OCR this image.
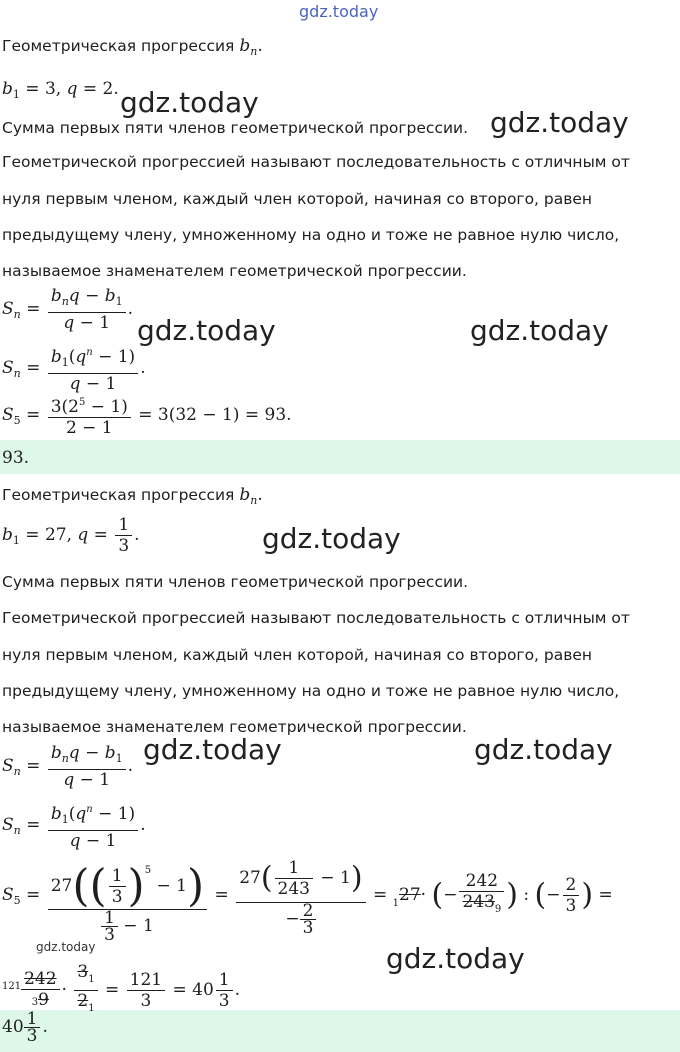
gdz.today
Геометрическая прогрессия $b_n$.
$b_1 = 3$, q = 2. gdz.today
Сумма первых пяти членов геометрической прогрессии. gdz.today
Геометрической прогрессией называют последовательность с отличным от
нуля первым членом, каждый член которой, начиная со второго, равен
предыдущему члену, умноженному на одно и тоже не равное нулю число,
называемое знаменателем геометрической прогрессии.
$S_n = \frac{b_nq - b_1}{q - 1}$ .
gdz.today	gdz.today
$S_n = \frac{b_1(q^n - 1)}{q - 1}$ .
$S_5 = \frac{3(2^5 - 1)}{2 - 1} = 3(32 - 1) = 93$.
93.
Геометрическая прогрессия $b_n$.
$b_1 = 27$, $q = \frac{1}{3}$ .	gdz.today
Сумма первых пяти членов геометрической прогрессии.
Геометрической прогрессией называют последовательность с отличным от
нуля первым членом, каждый член которой, начиная со второго, равен
предыдущему члену, умноженному на одно и тоже не равное нулю число,
называемое знаменателем геометрической прогрессии.
$S_n = \frac{b_nq - b_1}{q - 1}$ . gdz.today	gdz.today
$S_n = \frac{b_1(q^n - 1)}{q - 1}$ .
$S_5 = \frac{27(( \frac{1}{3} )^5 - 1)}{\frac{1}{3} - 1} = \frac{27( \frac{1}{243} - 1)}{- \frac{2}{3}} = _127\cdot$ (− $\frac{242}{243_9}$ ) : (− $\frac{2}{3}$ ) =
gdz.today
gdz.today
$^{121} \frac{242}{39} \cdot \frac{3_1}{2_1} = \frac{121}{3} = 40 \frac{1}{3}$ .
$40 \frac{1}{3}$ .
